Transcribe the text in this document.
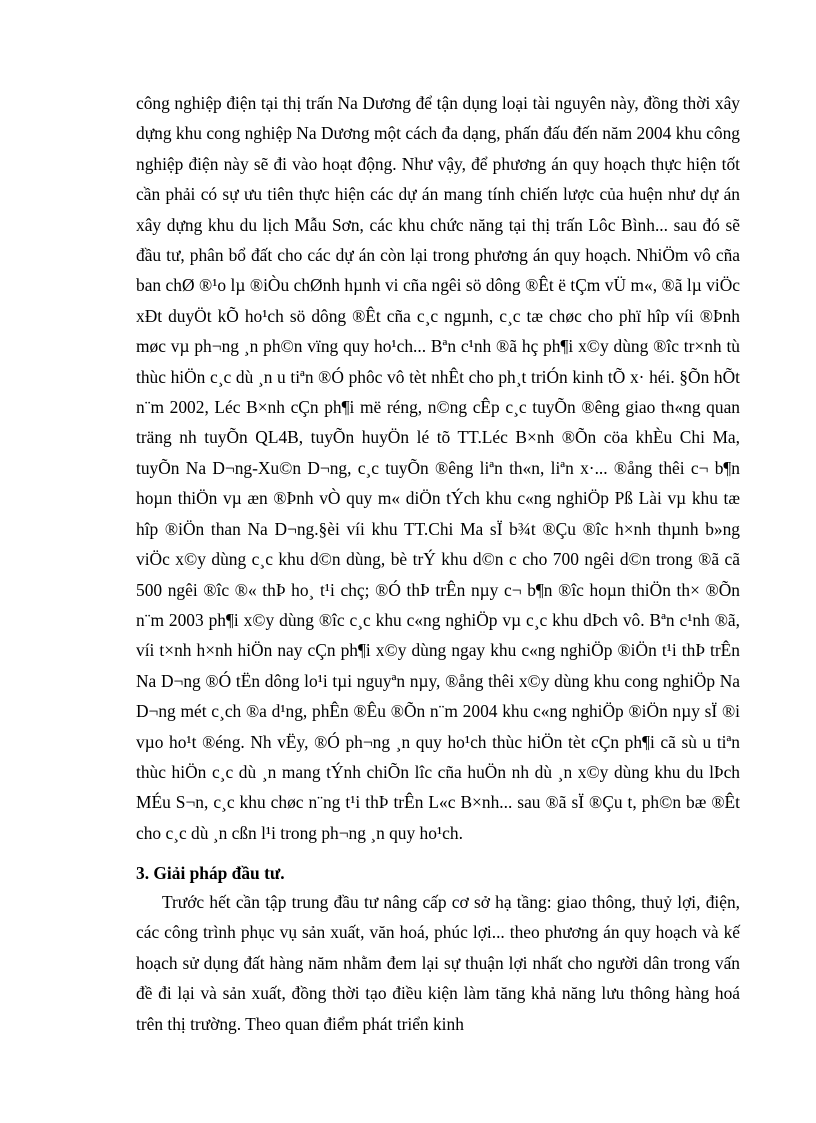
công nghiệp điện tại thị trấn Na Dương để tận dụng loại tài nguyên này, đồng thời xây dựng khu cong nghiệp Na Dương một cách đa dạng, phấn đấu đến năm 2004 khu công nghiệp điện này sẽ đi vào hoạt động. Như vậy, để phương án quy hoạch thực hiện tốt cần phải có sự ưu tiên thực hiện các dự án mang tính chiến lược của huện như dự án xây dựng khu du lịch Mẫu Sơn, các khu chức năng tại thị trấn Lôc Bình... sau đó sẽ đầu tư, phân bổ đất cho các dự án còn lại trong phương án quy hoạch. NhiÖm vô cña ban chØ ®¹o lµ ®iÒu chØnh hµnh vi cña ngêi sö dông ®Êt ë tÇm vÜ m«, ®ã lµ viÖc xÐt duyÖt kÕ ho¹ch sö dông ®Êt cña c¸c ngµnh, c¸c tæ chøc cho phï hîp víi ®Þnh møc vµ ph¬ng ¸n ph©n vïng quy ho¹ch... Bªn c¹nh ®ã hç ph¶i x©y dùng ®îc tr×nh tù thùc hiÖn c¸c dù ¸n u tiªn ®Ó phôc vô tèt nhÊt cho ph¸t triÓn kinh tÕ x· héi. §Õn hÕt n¨m 2002, Léc B×nh cÇn ph¶i më réng, n©ng cÊp c¸c tuyÕn ®êng giao th«ng quan träng nh tuyÕn QL4B, tuyÕn huyÖn lé tõ TT.Léc B×nh ®Õn cöa khÈu Chi Ma, tuyÕn Na D¬ng-Xu©n D¬ng, c¸c tuyÕn ®êng liªn th«n, liªn x·... ®ång thêi c¬ b¶n hoµn thiÖn vµ æn ®Þnh vÒ quy m« diÖn tÝch khu c«ng nghiÖp Pß Lài vµ khu tæ hîp ®iÖn than Na D¬ng.§èi víi khu TT.Chi Ma sÏ b¾t ®Çu ®îc h×nh thµnh b»ng viÖc x©y dùng c¸c khu d©n dùng, bè trÝ khu d©n c cho 700 ngêi d©n trong ®ã cã 500 ngêi ®îc ®« thÞ ho¸ t¹i chç; ®Ó thÞ trÊn nµy c¬ b¶n ®îc hoµn thiÖn th× ®Õn n¨m 2003 ph¶i x©y dùng ®îc c¸c khu c«ng nghiÖp vµ c¸c khu dÞch vô. Bªn c¹nh ®ã, víi t×nh h×nh hiÖn nay cÇn ph¶i x©y dùng ngay khu c«ng nghiÖp ®iÖn t¹i thÞ trÊn Na D¬ng ®Ó tËn dông lo¹i tµi nguyªn nµy, ®ång thêi x©y dùng khu cong nghiÖp Na D¬ng mét c¸ch ®a d¹ng, phÊn ®Êu ®Õn n¨m 2004 khu c«ng nghiÖp ®iÖn nµy sÏ ®i vµo ho¹t ®éng. Nh vËy, ®Ó ph¬ng ¸n quy ho¹ch thùc hiÖn tèt cÇn ph¶i cã sù u tiªn thùc hiÖn c¸c dù ¸n mang tÝnh chiÕn lîc cña huÖn nh dù ¸n x©y dùng khu du lÞch MÉu S¬n, c¸c khu chøc n¨ng t¹i thÞ trÊn L«c B×nh... sau ®ã sÏ ®Çu t, ph©n bæ ®Êt cho c¸c dù ¸n cßn l¹i trong ph¬ng ¸n quy ho¹ch.

3. Giải pháp đầu tư.

Trước hết cần tập trung đầu tư nâng cấp cơ sở hạ tầng: giao thông, thuỷ lợi, điện, các công trình phục vụ sản xuất, văn hoá, phúc lợi... theo phương án quy hoạch và kế hoạch sử dụng đất hàng năm nhằm đem lại sự thuận lợi nhất cho người dân trong vấn đề đi lại và sản xuất, đồng thời tạo điều kiện làm tăng khả năng lưu thông hàng hoá trên thị trường. Theo quan điểm phát triển kinh
